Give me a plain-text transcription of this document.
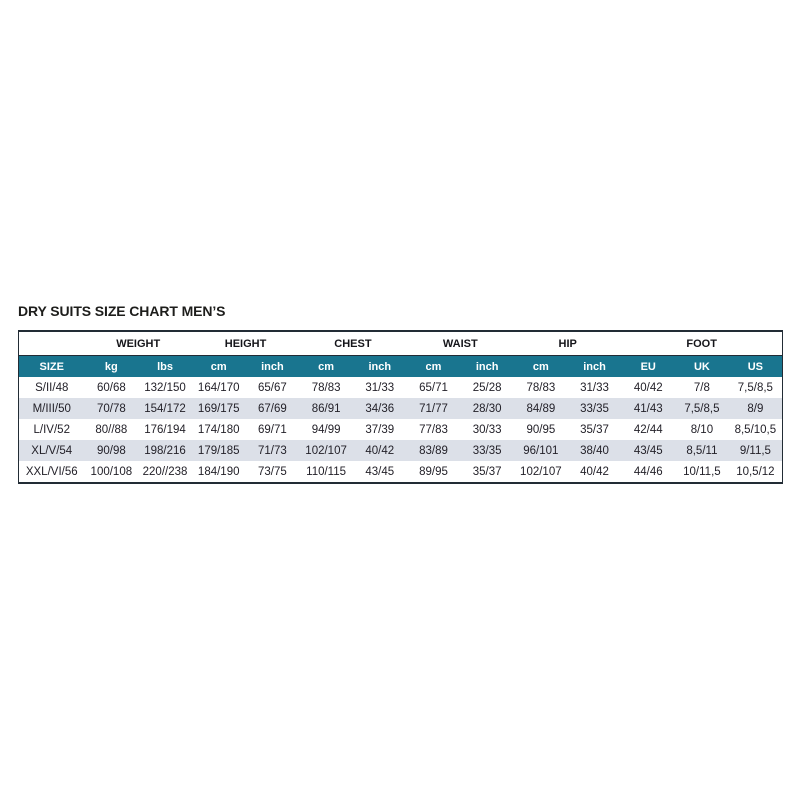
DRY SUITS SIZE CHART MEN’S
	WEIGHT		HEIGHT		CHEST		WAIST		HIP		FOOT		
SIZE	kg	lbs	cm	inch	cm	inch	cm	inch	cm	inch	EU	UK	US
S/II/48	60/68	132/150	164/170	65/67	78/83	31/33	65/71	25/28	78/83	31/33	40/42	7/8	7,5/8,5
M/III/50	70/78	154/172	169/175	67/69	86/91	34/36	71/77	28/30	84/89	33/35	41/43	7,5/8,5	8/9
L/IV/52	80//88	176/194	174/180	69/71	94/99	37/39	77/83	30/33	90/95	35/37	42/44	8/10	8,5/10,5
XL/V/54	90/98	198/216	179/185	71/73	102/107	40/42	83/89	33/35	96/101	38/40	43/45	8,5/11	9/11,5
XXL/VI/56	100/108	220//238	184/190	73/75	110/115	43/45	89/95	35/37	102/107	40/42	44/46	10/11,5	10,5/12
